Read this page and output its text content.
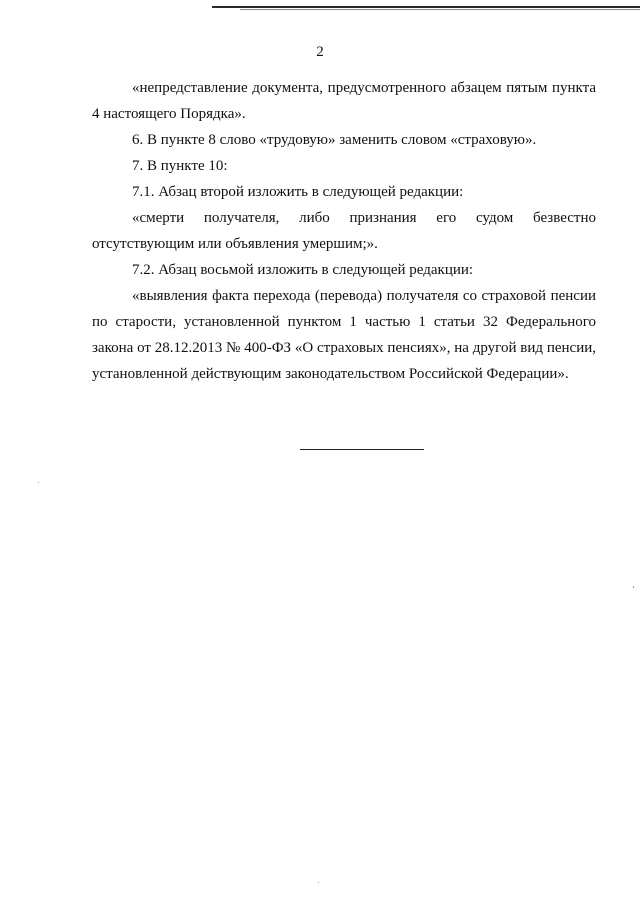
2

«непредставление документа, предусмотренного абзацем пятым пункта 4 настоящего Порядка».

6. В пункте 8 слово «трудовую» заменить словом «страховую».

7. В пункте 10:

7.1. Абзац второй изложить в следующей редакции:

«смерти получателя, либо признания его судом безвестно отсутствующим или объявления умершим;».

7.2. Абзац восьмой изложить в следующей редакции:

«выявления факта перехода (перевода) получателя со страховой пенсии по старости, установленной пунктом 1 частью 1 статьи 32 Федерального закона от 28.12.2013 № 400-ФЗ «О страховых пенсиях», на другой вид пенсии, установленной действующим законодательством Российской Федерации».
